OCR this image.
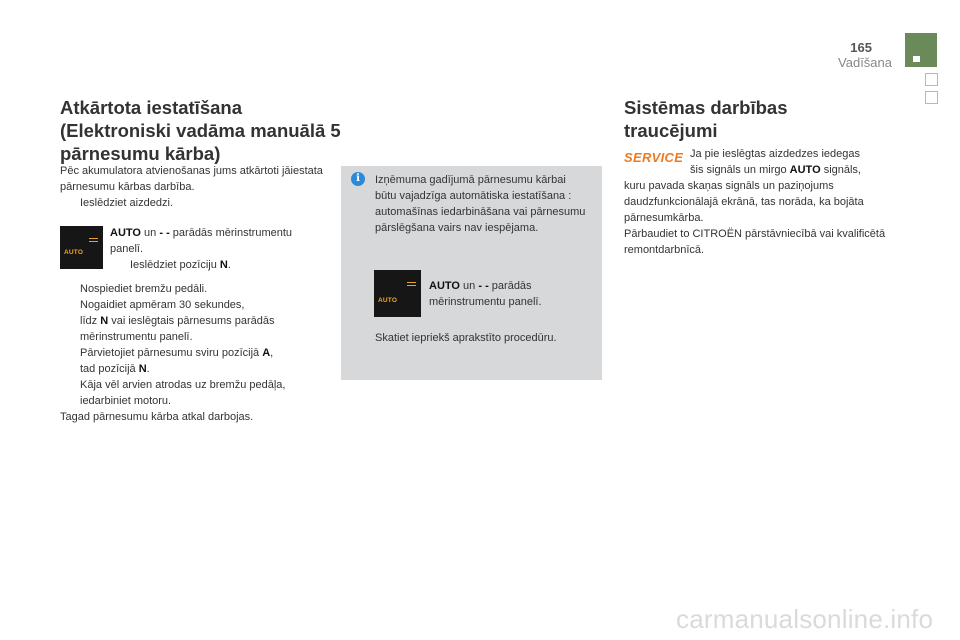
165
Vadīšana
Atkārtota iestatīšana (Elektroniski vadāma manuālā 5 pārnesumu kārba)
Pēc akumulatora atvienošanas jums atkārtoti jāiestata pārnesumu kārbas darbība.
Ieslēdziet aizdedzi.
AUTO
AUTO un - - parādās mērinstrumentu panelī.
Ieslēdziet pozīciju N.
Nospiediet bremžu pedāli.
Nogaidiet apmēram 30 sekundes,
līdz N vai ieslēgtais pārnesums parādās
mērinstrumentu panelī.
Pārvietojiet pārnesumu sviru pozīcijā A,
tad pozīcijā N.
Kāja vēl arvien atrodas uz bremžu pedāļa,
iedarbiniet motoru.
Tagad pārnesumu kārba atkal darbojas.
i	Izņēmuma gadījumā pārnesumu kārbai būtu vajadzīga automātiska iestatīšana : automašīnas iedarbināšana vai pārnesumu pārslēgšana vairs nav iespējama.
AUTO
AUTO un - - parādās
mērinstrumentu panelī.
Skatiet iepriekš aprakstīto procedūru.
Sistēmas darbības traucējumi
SERVICE Ja pie ieslēgtas aizdedzes iedegas
šis signāls un mirgo AUTO signāls,
kuru pavada skaņas signāls un paziņojums daudzfunkcionālajā ekrānā, tas norāda, ka bojāta pārnesumkārba.
Pārbaudiet to CITROËN pārstāvniecībā vai kvalificētā remontdarbnīcā.
carmanualsonline.info
